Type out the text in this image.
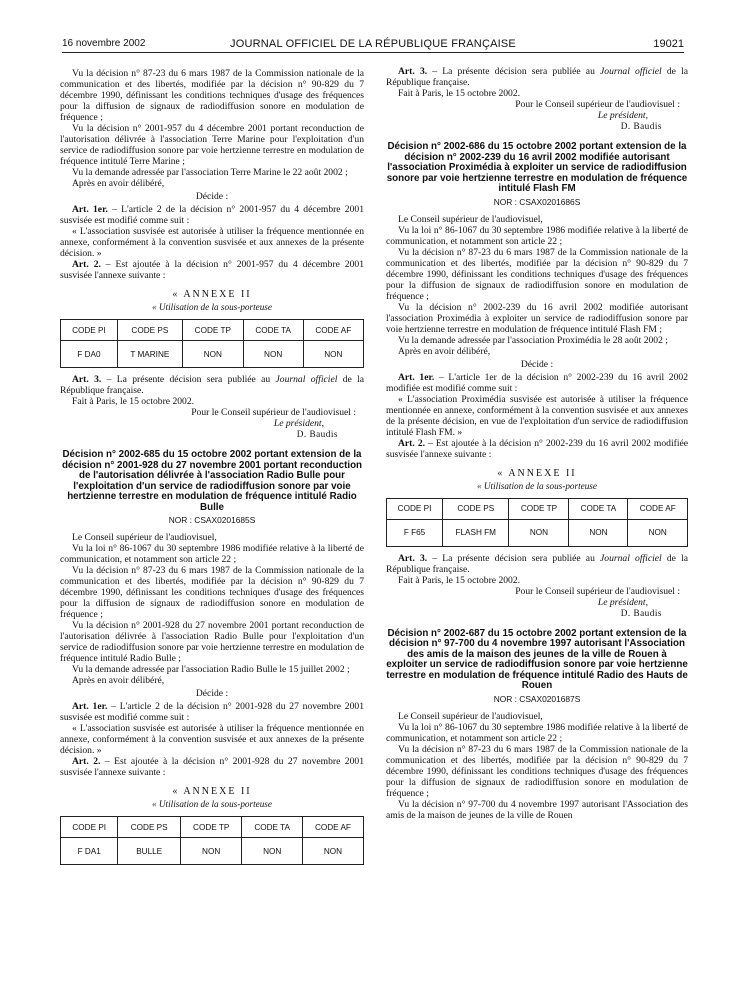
16 novembre 2002	JOURNAL OFFICIEL DE LA RÉPUBLIQUE FRANÇAISE	19021

Vu la décision n° 87-23 du 6 mars 1987 de la Commission nationale de la communication et des libertés, modifiée par la décision n° 90-829 du 7 décembre 1990, définissant les conditions techniques d'usage des fréquences pour la diffusion de signaux de radiodiffusion sonore en modulation de fréquence ;

Vu la décision n° 2001-957 du 4 décembre 2001 portant reconduction de l'autorisation délivrée à l'association Terre Marine pour l'exploitation d'un service de radiodiffusion sonore par voie hertzienne terrestre en modulation de fréquence intitulé Terre Marine ;

Vu la demande adressée par l'association Terre Marine le 22 août 2002 ;

Après en avoir délibéré,

Décide :

Art. 1er. – L'article 2 de la décision n° 2001-957 du 4 décembre 2001 susvisée est modifié comme suit :

« L'association susvisée est autorisée à utiliser la fréquence mentionnée en annexe, conformément à la convention susvisée et aux annexes de la présente décision. »

Art. 2. – Est ajoutée à la décision n° 2001-957 du 4 décembre 2001 susvisée l'annexe suivante :

« ANNEXE II

« Utilisation de la sous-porteuse

CODE PI	CODE PS	CODE TP	CODE TA	CODE AF
F DA0	T MARINE	NON	NON	NON

Art. 3. – La présente décision sera publiée au Journal officiel de la République française.

Fait à Paris, le 15 octobre 2002.

Pour le Conseil supérieur de l'audiovisuel :

Le président,

D. Baudis

Décision n° 2002-685 du 15 octobre 2002 portant extension de la décision n° 2001-928 du 27 novembre 2001 portant reconduction de l'autorisation délivrée à l'association Radio Bulle pour l'exploitation d'un service de radiodiffusion sonore par voie hertzienne terrestre en modulation de fréquence intitulé Radio Bulle
NOR : CSAX0201685S

Le Conseil supérieur de l'audiovisuel,

Vu la loi n° 86-1067 du 30 septembre 1986 modifiée relative à la liberté de communication, et notamment son article 22 ;

Vu la décision n° 87-23 du 6 mars 1987 de la Commission nationale de la communication et des libertés, modifiée par la décision n° 90-829 du 7 décembre 1990, définissant les conditions techniques d'usage des fréquences pour la diffusion de signaux de radiodiffusion sonore en modulation de fréquence ;

Vu la décision n° 2001-928 du 27 novembre 2001 portant reconduction de l'autorisation délivrée à l'association Radio Bulle pour l'exploitation d'un service de radiodiffusion sonore par voie hertzienne terrestre en modulation de fréquence intitulé Radio Bulle ;

Vu la demande adressée par l'association Radio Bulle le 15 juillet 2002 ;

Après en avoir délibéré,

Décide :

Art. 1er. – L'article 2 de la décision n° 2001-928 du 27 novembre 2001 susvisée est modifié comme suit :

« L'association susvisée est autorisée à utiliser la fréquence mentionnée en annexe, conformément à la convention susvisée et aux annexes de la présente décision. »

Art. 2. – Est ajoutée à la décision n° 2001-928 du 27 novembre 2001 susvisée l'annexe suivante :

« ANNEXE II

« Utilisation de la sous-porteuse

CODE PI	CODE PS	CODE TP	CODE TA	CODE AF
F DA1	BULLE	NON	NON	NON

Art. 3. – La présente décision sera publiée au Journal officiel de la République française.

Fait à Paris, le 15 octobre 2002.

Pour le Conseil supérieur de l'audiovisuel :

Le président,

D. Baudis

Décision n° 2002-686 du 15 octobre 2002 portant extension de la décision n° 2002-239 du 16 avril 2002 modifiée autorisant l'association Proximédia à exploiter un service de radiodiffusion sonore par voie hertzienne terrestre en modulation de fréquence intitulé Flash FM
NOR : CSAX0201686S

Le Conseil supérieur de l'audiovisuel,

Vu la loi n° 86-1067 du 30 septembre 1986 modifiée relative à la liberté de communication, et notamment son article 22 ;

Vu la décision n° 87-23 du 6 mars 1987 de la Commission nationale de la communication et des libertés, modifiée par la décision n° 90-829 du 7 décembre 1990, définissant les conditions techniques d'usage des fréquences pour la diffusion de signaux de radiodiffusion sonore en modulation de fréquence ;

Vu la décision n° 2002-239 du 16 avril 2002 modifiée autorisant l'association Proximédia à exploiter un service de radiodiffusion sonore par voie hertzienne terrestre en modulation de fréquence intitulé Flash FM ;

Vu la demande adressée par l'association Proximédia le 28 août 2002 ;

Après en avoir délibéré,

Décide :

Art. 1er. – L'article 1er de la décision n° 2002-239 du 16 avril 2002 modifiée est modifié comme suit :

« L'association Proximédia susvisée est autorisée à utiliser la fréquence mentionnée en annexe, conformément à la convention susvisée et aux annexes de la présente décision, en vue de l'exploitation d'un service de radiodiffusion intitulé Flash FM. »

Art. 2. – Est ajoutée à la décision n° 2002-239 du 16 avril 2002 modifiée susvisée l'annexe suivante :

« ANNEXE II

« Utilisation de la sous-porteuse

CODE PI	CODE PS	CODE TP	CODE TA	CODE AF
F F65	FLASH FM	NON	NON	NON

Art. 3. – La présente décision sera publiée au Journal officiel de la République française.

Fait à Paris, le 15 octobre 2002.

Pour le Conseil supérieur de l'audiovisuel :

Le président,

D. Baudis

Décision n° 2002-687 du 15 octobre 2002 portant extension de la décision n° 97-700 du 4 novembre 1997 autorisant l'Association des amis de la maison des jeunes de la ville de Rouen à exploiter un service de radiodiffusion sonore par voie hertzienne terrestre en modulation de fréquence intitulé Radio des Hauts de Rouen
NOR : CSAX0201687S

Le Conseil supérieur de l'audiovisuel,

Vu la loi n° 86-1067 du 30 septembre 1986 modifiée relative à la liberté de communication, et notamment son article 22 ;

Vu la décision n° 87-23 du 6 mars 1987 de la Commission nationale de la communication et des libertés, modifiée par la décision n° 90-829 du 7 décembre 1990, définissant les conditions techniques d'usage des fréquences pour la diffusion de signaux de radiodiffusion sonore en modulation de fréquence ;

Vu la décision n° 97-700 du 4 novembre 1997 autorisant l'Association des amis de la maison de jeunes de la ville de Rouen
